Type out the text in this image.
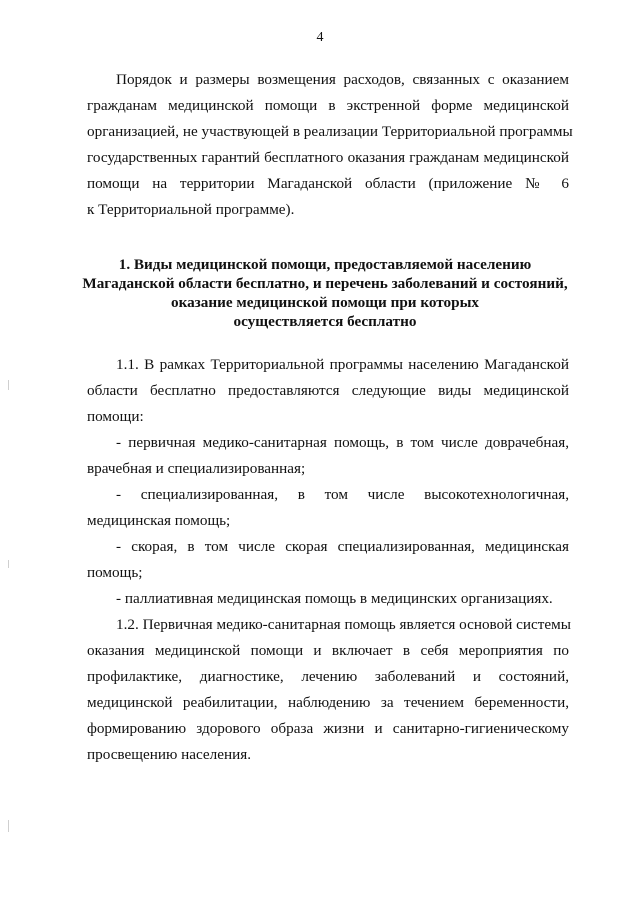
4
Порядок и размеры возмещения расходов, связанных с оказанием
гражданам медицинской помощи в экстренной форме медицинской
организацией, не участвующей в реализации Территориальной программы
государственных гарантий бесплатного оказания гражданам медицинской
помощи на территории Магаданской области (приложение № 6
к Территориальной программе).
1. Виды медицинской помощи, предоставляемой населению
Магаданской области бесплатно, и перечень заболеваний и состояний,
оказание медицинской помощи при которых
осуществляется бесплатно
1.1. В рамках Территориальной программы населению Магаданской
области бесплатно предоставляются следующие виды медицинской
помощи:
- первичная медико-санитарная помощь, в том числе доврачебная,
врачебная и специализированная;
- специализированная, в том числе высокотехнологичная,
медицинская помощь;
- скорая, в том числе скорая специализированная, медицинская
помощь;
- паллиативная медицинская помощь в медицинских организациях.
1.2. Первичная медико-санитарная помощь является основой системы
оказания медицинской помощи и включает в себя мероприятия по
профилактике, диагностике, лечению заболеваний и состояний,
медицинской реабилитации, наблюдению за течением беременности,
формированию здорового образа жизни и санитарно-гигиеническому
просвещению населения.
